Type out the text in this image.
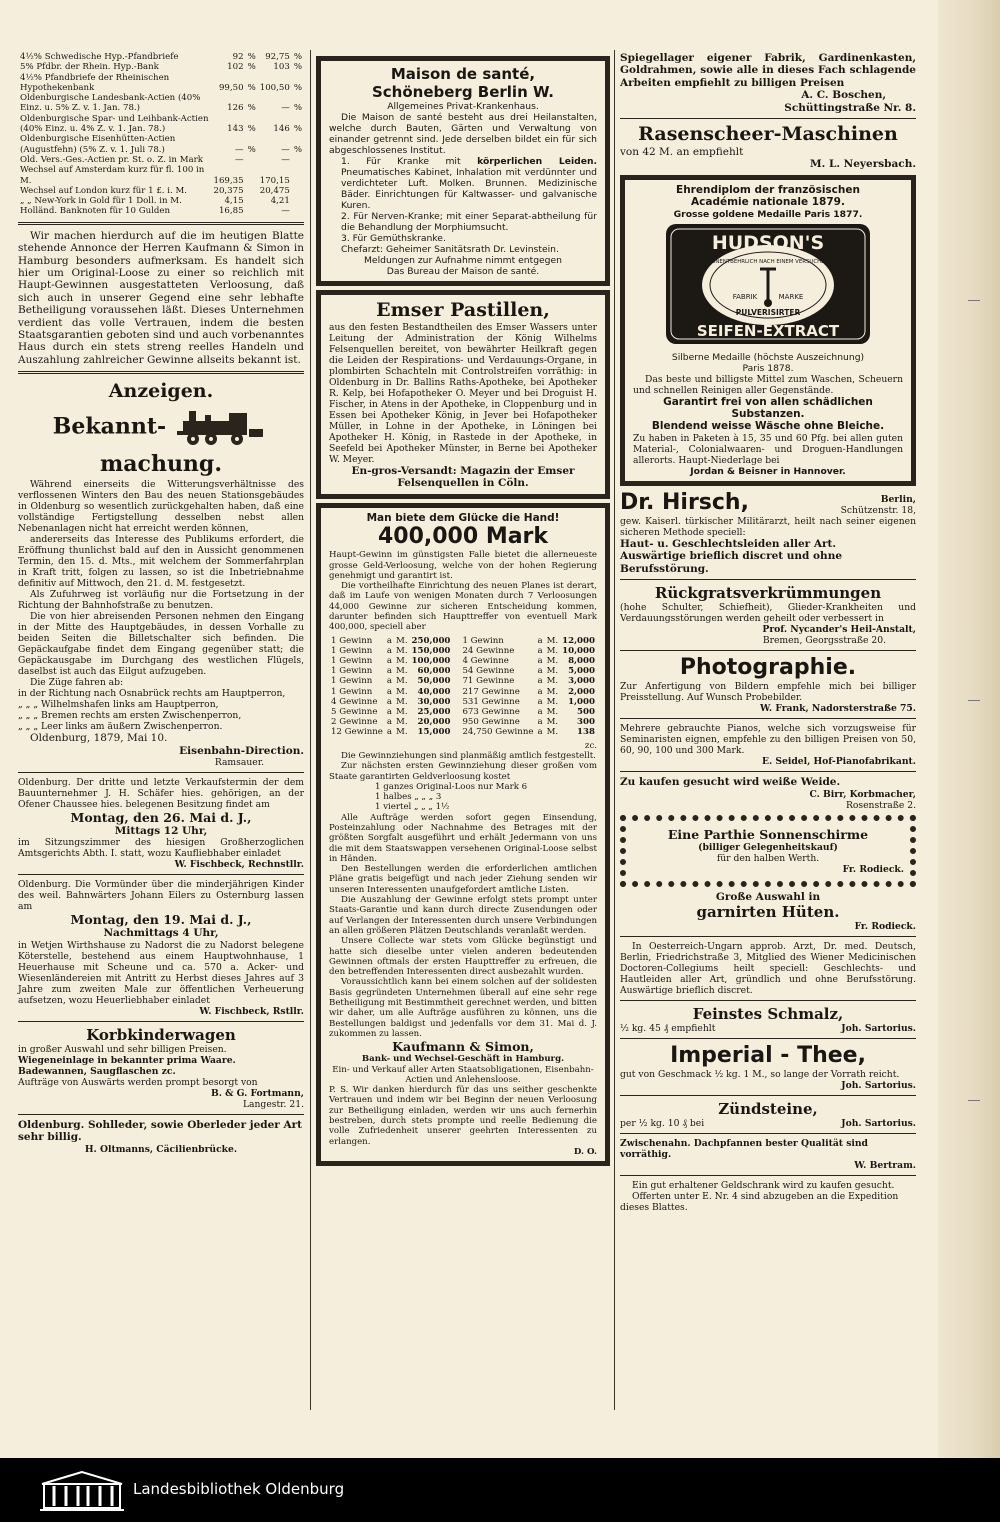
4½% Schwedische Hyp.-Pfandbriefe	92	%	92,75	%
5% Pfdbr. der Rhein. Hyp.-Bank	102	%	103	%
4½% Pfandbriefe der Rheinischen Hypothekenbank	99,50	%	100,50	%
Oldenburgische Landesbank-Actien (40% Einz. u. 5% Z. v. 1. Jan. 78.)	126	%	—	%
Oldenburgische Spar- und Leihbank-Actien (40% Einz. u. 4% Z. v. 1. Jan. 78.)	143	%	146	%
Oldenburgische Eisenhütten-Actien (Augustfehn) (5% Z. v. 1. Juli 78.)	—	%	—	%
Old. Vers.-Ges.-Actien pr. St. o. Z. in Mark	—		—	
Wechsel auf Amsterdam kurz für fl. 100 in M.	169,35		170,15	
Wechsel auf London kurz für 1 £. i. M.	20,375		20,475	
„ „ New-York in Gold für 1 Doll. in M.	4,15		4,21	
Holländ. Banknoten für 10 Gulden	16,85		—	
Wir machen hierdurch auf die im heutigen Blatte stehende Annonce der Herren Kaufmann & Simon in Hamburg besonders aufmerksam. Es handelt sich hier um Original-Loose zu einer so reichlich mit Haupt-Gewinnen ausgestatteten Verloosung, daß sich auch in unserer Gegend eine sehr lebhafte Betheiligung voraussehen läßt. Dieses Unternehmen verdient das volle Vertrauen, indem die besten Staatsgarantien geboten sind und auch vorbenanntes Haus durch ein stets streng reelles Handeln und Auszahlung zahlreicher Gewinne allseits bekannt ist.
Anzeigen.
Bekannt-  machung.
Während einerseits die Witterungsverhältnisse des verflossenen Winters den Bau des neuen Stationsgebäudes in Oldenburg so wesentlich zurückgehalten haben, daß eine vollständige Fertigstellung desselben nebst allen Nebenanlagen nicht hat erreicht werden können,
andererseits das Interesse des Publikums erfordert, die Eröffnung thunlichst bald auf den in Aussicht genommenen Termin, den 15. d. Mts., mit welchem der Sommerfahrplan in Kraft tritt, folgen zu lassen, so ist die Inbetriebnahme definitiv auf Mittwoch, den 21. d. M. festgesetzt.
Als Zufuhrweg ist vorläufig nur die Fortsetzung in der Richtung der Bahnhofstraße zu benutzen.
Die von hier abreisenden Personen nehmen den Eingang in der Mitte des Hauptgebäudes, in dessen Vorhalle zu beiden Seiten die Billetschalter sich befinden. Die Gepäckaufgabe findet dem Eingang gegenüber statt; die Gepäckausgabe im Durchgang des westlichen Flügels, daselbst ist auch das Eilgut aufzugeben.
Die Züge fahren ab:
in der Richtung nach Osnabrück rechts am Hauptperron,
„ „ „ Wilhelmshafen links am Hauptperron,
„ „ „ Bremen rechts am ersten Zwischenperron,
„ „ „ Leer links am äußern Zwischenperron.
Oldenburg, 1879, Mai 10.
Eisenbahn-Direction.
Ramsauer.
Oldenburg. Der dritte und letzte Verkaufstermin der dem Bauunternehmer J. H. Schäfer hies. gehörigen, an der Ofener Chaussee hies. belegenen Besitzung findet am
Montag, den 26. Mai d. J.,
Mittags 12 Uhr,
im Sitzungszimmer des hiesigen Großherzoglichen Amtsgerichts Abth. I. statt, wozu Kaufliebhaber einladet
W. Fischbeck, Rechnstllr.
Oldenburg. Die Vormünder über die minderjährigen Kinder des weil. Bahnwärters Johann Eilers zu Osternburg lassen am
Montag, den 19. Mai d. J.,
Nachmittags 4 Uhr,
in Wetjen Wirthshause zu Nadorst die zu Nadorst belegene Köterstelle, bestehend aus einem Hauptwohnhause, 1 Heuerhause mit Scheune und ca. 570 a. Acker- und Wiesenländereien mit Antritt zu Herbst dieses Jahres auf 3 Jahre zum zweiten Male zur öffentlichen Verheuerung aufsetzen, wozu Heuerliebhaber einladet
W. Fischbeck, Rstllr.
Korbkinderwagen
in großer Auswahl und sehr billigen Preisen.
Wiegeneinlage in bekannter prima Waare.
Badewannen, Saugflaschen zc.
Aufträge von Auswärts werden prompt besorgt von
B. & G. Fortmann,
Langestr. 21.
Oldenburg. Sohlleder, sowie Oberleder jeder Art sehr billig.
H. Oltmanns, Cäcilienbrücke.
Maison de santé,
Schöneberg Berlin W.
Allgemeines Privat-Krankenhaus.
Die Maison de santé besteht aus drei Heilanstalten, welche durch Bauten, Gärten und Verwaltung von einander getrennt sind. Jede derselben bildet ein für sich abgeschlossenes Institut.
1. Für Kranke mit körperlichen Leiden. Pneumatisches Kabinet, Inhalation mit verdünnter und verdichteter Luft. Molken. Brunnen. Medizinische Bäder. Einrichtungen für Kaltwasser- und galvanische Kuren.
2. Für Nerven-Kranke; mit einer Separat-abtheilung für die Behandlung der Morphiumsucht.
3. Für Gemüthskranke.
Chefarzt: Geheimer Sanitätsrath Dr. Levinstein.
Meldungen zur Aufnahme nimmt entgegen
Das Bureau der Maison de santé.
Emser Pastillen,
aus den festen Bestandtheilen des Emser Wassers unter Leitung der Administration der König Wilhelms Felsenquellen bereitet, von bewährter Heilkraft gegen die Leiden der Respirations- und Verdauungs-Organe, in plombirten Schachteln mit Controlstreifen vorräthig: in Oldenburg in Dr. Ballins Raths-Apotheke, bei Apotheker R. Kelp, bei Hofapotheker O. Meyer und bei Droguist H. Fischer, in Atens in der Apotheke, in Cloppenburg und in Essen bei Apotheker König, in Jever bei Hofapotheker Müller, in Lohne in der Apotheke, in Löningen bei Apotheker H. König, in Rastede in der Apotheke, in Seefeld bei Apotheker Münster, in Berne bei Apotheker W. Meyer.
En-gros-Versandt: Magazin der Emser Felsenquellen in Cöln.
Man biete dem Glücke die Hand!
400,000 Mark
Haupt-Gewinn im günstigsten Falle bietet die allerneueste grosse Geld-Verloosung, welche von der hohen Regierung genehmigt und garantirt ist.
Die vortheilhafte Einrichtung des neuen Planes ist derart, daß im Laufe von wenigen Monaten durch 7 Verloosungen 44,000 Gewinne zur sicheren Entscheidung kommen, darunter befinden sich Haupttreffer von eventuell Mark 400,000, speciell aber
1 Gewinn	a	M.	250,000
1 Gewinn	a	M.	150,000
1 Gewinn	a	M.	100,000
1 Gewinn	a	M.	60,000
1 Gewinn	a	M.	50,000
1 Gewinn	a	M.	40,000
4 Gewinne	a	M.	30,000
5 Gewinne	a	M.	25,000
2 Gewinne	a	M.	20,000
12 Gewinne	a	M.	15,000
1 Gewinn	a	M.	12,000
24 Gewinne	a	M.	10,000
4 Gewinne	a	M.	8,000
54 Gewinne	a	M.	5,000
71 Gewinne	a	M.	3,000
217 Gewinne	a	M.	2,000
531 Gewinne	a	M.	1,000
673 Gewinne	a	M.	500
950 Gewinne	a	M.	300
24,750 Gewinne	a	M.	138
zc.
Die Gewinnziehungen sind planmäßig amtlich festgestellt.
Zur nächsten ersten Gewinnziehung dieser großen vom Staate garantirten Geldverloosung kostet
1 ganzes Original-Loos nur Mark 6
1 halbes „ „ „ 3
1 viertel „ „ „ 1½
Alle Aufträge werden sofort gegen Einsendung, Posteinzahlung oder Nachnahme des Betrages mit der größten Sorgfalt ausgeführt und erhält Jedermann von uns die mit dem Staatswappen versehenen Original-Loose selbst in Händen.
Den Bestellungen werden die erforderlichen amtlichen Pläne gratis beigefügt und nach jeder Ziehung senden wir unseren Interessenten unaufgefordert amtliche Listen.
Die Auszahlung der Gewinne erfolgt stets prompt unter Staats-Garantie und kann durch directe Zusendungen oder auf Verlangen der Interessenten durch unsere Verbindungen an allen größeren Plätzen Deutschlands veranlaßt werden.
Unsere Collecte war stets vom Glücke begünstigt und hatte sich dieselbe unter vielen anderen bedeutenden Gewinnen oftmals der ersten Haupttreffer zu erfreuen, die den betreffenden Interessenten direct ausbezahlt wurden.
Voraussichtlich kann bei einem solchen auf der solidesten Basis gegründeten Unternehmen überall auf eine sehr rege Betheiligung mit Bestimmtheit gerechnet werden, und bitten wir daher, um alle Aufträge ausführen zu können, uns die Bestellungen baldigst und jedenfalls vor dem 31. Mai d. J. zukommen zu lassen.
Kaufmann & Simon,
Bank- und Wechsel-Geschäft in Hamburg.
Ein- und Verkauf aller Arten Staatsobligationen, Eisenbahn-Actien und Anlehensloose.
P. S. Wir danken hierdurch für das uns seither geschenkte Vertrauen und indem wir bei Beginn der neuen Verloosung zur Betheiligung einladen, werden wir uns auch fernerhin bestreben, durch stets prompte und reelle Bedienung die volle Zufriedenheit unserer geehrten Interessenten zu erlangen.
D. O.
Spiegellager eigener Fabrik, Gardinenkasten, Goldrahmen, sowie alle in dieses Fach schlagende Arbeiten empfiehlt zu billigen Preisen
A. C. Boschen,
Schüttingstraße Nr. 8.
Rasenscheer-Maschinen
von 42 M. an empfiehlt
M. L. Neyersbach.
Ehrendiplom der französischen
Académie nationale 1879.
Grosse goldene Medaille Paris 1877.
HUDSON'S
UNENTBEHRLICH NACH EINEM VERSUCHE
FABRIK	MARKE
PULVERISIRTER
SEIFEN-EXTRACT
Silberne Medaille (höchste Auszeichnung)
Paris 1878.
Das beste und billigste Mittel zum Waschen, Scheuern und schnellen Reinigen aller Gegenstände.
Garantirt frei von allen schädlichen Substanzen.
Blendend weisse Wäsche ohne Bleiche.
Zu haben in Paketen à 15, 35 und 60 Pfg. bei allen guten Material-, Colonialwaaren- und Droguen-Handlungen allerorts. Haupt-Niederlage bei
Jordan & Beisner in Hannover.
Dr. Hirsch,	Berlin,
Schützenstr. 18,
gew. Kaiserl. türkischer Militärarzt, heilt nach seiner eigenen sicheren Methode speciell:
Haut- u. Geschlechtsleiden aller Art.
Auswärtige brieflich discret und ohne Berufsstörung.
Rückgratsverkrümmungen
(hohe Schulter, Schiefheit), Glieder-Krankheiten und Verdauungsstörungen werden geheilt oder verbessert in
Prof. Nycander's Heil-Anstalt,
Bremen, Georgsstraße 20.
Photographie.
Zur Anfertigung von Bildern empfehle mich bei billiger Preisstellung. Auf Wunsch Probebilder.
W. Frank, Nadorsterstraße 75.
Mehrere gebrauchte Pianos, welche sich vorzugsweise für Seminaristen eignen, empfehle zu den billigen Preisen von 50, 60, 90, 100 und 300 Mark.
E. Seidel, Hof-Pianofabrikant.
Zu kaufen gesucht wird weiße Weide.
C. Birr, Korbmacher,
Rosenstraße 2.
Eine Parthie Sonnenschirme
(billiger Gelegenheitskauf)
für den halben Werth.
Fr. Rodieck.
Große Auswahl in
garnirten Hüten.
Fr. Rodieck.
In Oesterreich-Ungarn approb. Arzt, Dr. med. Deutsch, Berlin, Friedrichstraße 3, Mitglied des Wiener Medicinischen Doctoren-Collegiums heilt speciell: Geschlechts- und Hautleiden aller Art, gründlich und ohne Berufsstörung. Auswärtige brieflich discret.
Feinstes Schmalz,
½ kg. 45 ₰ empfiehlt	Joh. Sartorius.
Imperial - Thee,
gut von Geschmack ½ kg. 1 M., so lange der Vorrath reicht.
Joh. Sartorius.
Zündsteine,
per ½ kg. 10 ₰ bei	Joh. Sartorius.
Zwischenahn. Dachpfannen bester Qualität sind vorräthig.
W. Bertram.
Ein gut erhaltener Geldschrank wird zu kaufen gesucht.
Offerten unter E. Nr. 4 sind abzugeben an die Expedition dieses Blattes.
Landesbibliothek Oldenburg
